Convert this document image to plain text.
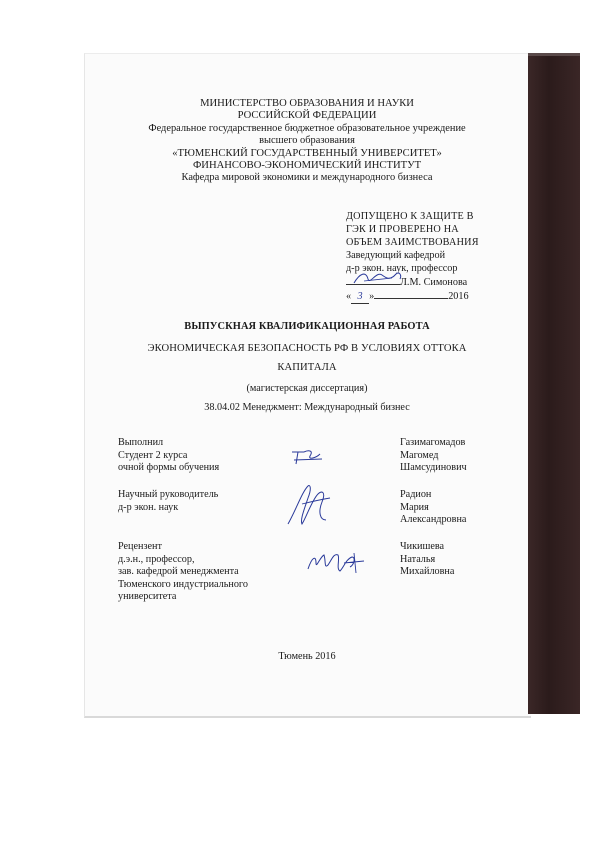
МИНИСТЕРСТВО ОБРАЗОВАНИЯ И НАУКИ
РОССИЙСКОЙ ФЕДЕРАЦИИ
Федеральное государственное бюджетное образовательное учреждение
высшего образования
«ТЮМЕНСКИЙ ГОСУДАРСТВЕННЫЙ УНИВЕРСИТЕТ»
ФИНАНСОВО-ЭКОНОМИЧЕСКИЙ ИНСТИТУТ
Кафедра мировой экономики и международного бизнеса
ДОПУЩЕНО К ЗАЩИТЕ В
ГЭК И ПРОВЕРЕНО НА
ОБЪЕМ ЗАИМСТВОВАНИЯ
Заведующий кафедрой
д-р экон. наук, профессор
Л.М. Симонова
« 3 »	2016
ВЫПУСКНАЯ КВАЛИФИКАЦИОННАЯ РАБОТА
ЭКОНОМИЧЕСКАЯ БЕЗОПАСНОСТЬ РФ В УСЛОВИЯХ ОТТОКА
КАПИТАЛА
(магистерская диссертация)
38.04.02 Менеджмент: Международный бизнес
Выполнил
Студент 2 курса
очной формы обучения
Газимагомадов
Магомед
Шамсудинович
Научный руководитель
д-р экон. наук
Радион
Мария
Александровна
Рецензент
д.э.н., профессор,
зав. кафедрой менеджмента
Тюменского индустриального
университета
Чикишева
Наталья
Михайловна
Тюмень 2016
